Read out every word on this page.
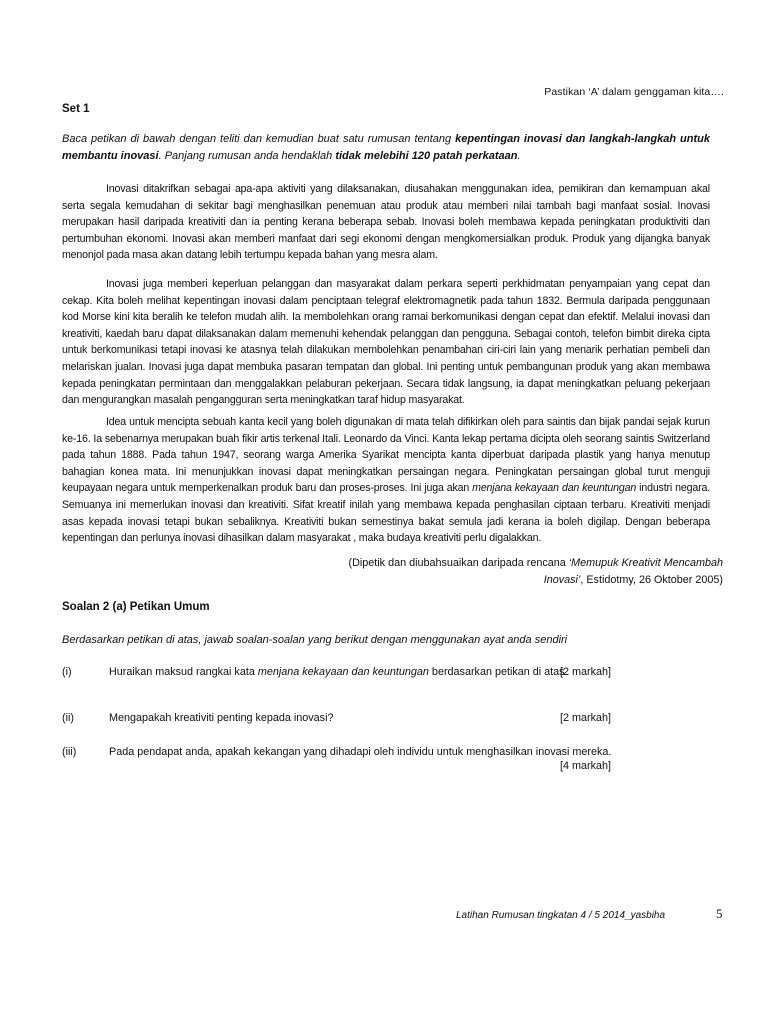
Pastikan ‘A’ dalam genggaman kita….
Set 1
Baca petikan di bawah dengan teliti dan kemudian buat satu rumusan tentang kepentingan inovasi dan langkah-langkah untuk membantu inovasi. Panjang rumusan anda hendaklah tidak melebihi 120 patah perkataan.
Inovasi ditakrifkan sebagai apa-apa aktiviti yang dilaksanakan, diusahakan menggunakan idea, pemikiran dan kemampuan akal serta segala kemudahan di sekitar bagi menghasilkan penemuan atau produk atau memberi nilai tambah bagi manfaat sosial. Inovasi merupakan hasil daripada kreativiti dan ia penting kerana beberapa sebab. Inovasi boleh membawa kepada peningkatan produktiviti dan pertumbuhan ekonomi. Inovasi akan memberi manfaat dari segi ekonomi dengan mengkomersialkan produk. Produk yang dijangka banyak menonjol pada masa akan datang lebih tertumpu kepada bahan yang mesra alam.
Inovasi juga memberi keperluan pelanggan dan masyarakat dalam perkara seperti perkhidmatan penyampaian yang cepat dan cekap. Kita boleh melihat kepentingan inovasi dalam penciptaan telegraf elektromagnetik pada tahun 1832. Bermula daripada penggunaan kod Morse kini kita beralih ke telefon mudah alih. Ia membolehkan orang ramai berkomunikasi dengan cepat dan efektif. Melalui inovasi dan kreativiti, kaedah baru dapat dilaksanakan dalam memenuhi kehendak pelanggan dan pengguna. Sebagai contoh, telefon bimbit direka cipta untuk berkomunikasi tetapi inovasi ke atasnya telah dilakukan membolehkan penambahan ciri-ciri lain yang menarik perhatian pembeli dan melariskan jualan. Inovasi juga dapat membuka pasaran tempatan dan global. Ini penting untuk pembangunan produk yang akan membawa kepada peningkatan permintaan dan menggalakkan pelaburan pekerjaan. Secara tidak langsung, ia dapat meningkatkan peluang pekerjaan dan mengurangkan masalah pengangguran serta meningkatkan taraf hidup masyarakat.
Idea untuk mencipta sebuah kanta kecil yang boleh digunakan di mata telah difikirkan oleh para saintis dan bijak pandai sejak kurun ke-16. Ia sebenarnya merupakan buah fikir artis terkenal Itali. Leonardo da Vinci. Kanta lekap pertama dicipta oleh seorang saintis Switzerland pada tahun 1888. Pada tahun 1947, seorang warga Amerika Syarikat mencipta kanta diperbuat daripada plastik yang hanya menutup bahagian konea mata. Ini menunjukkan inovasi dapat meningkatkan persaingan negara. Peningkatan persaingan global turut menguji keupayaan negara untuk memperkenalkan produk baru dan proses-proses. Ini juga akan menjana kekayaan dan keuntungan industri negara. Semuanya ini memerlukan inovasi dan kreativiti. Sifat kreatif inilah yang membawa kepada penghasilan ciptaan terbaru. Kreativiti menjadi asas kepada inovasi tetapi bukan sebaliknya. Kreativiti bukan semestinya bakat semula jadi kerana ia boleh digilap. Dengan beberapa kepentingan dan perlunya inovasi dihasilkan dalam masyarakat , maka budaya kreativiti perlu digalakkan.
(Dipetik dan diubahsuaikan daripada rencana ‘Memupuk Kreativit Mencambah Inovasi’, Estidotmy, 26 Oktober 2005)
Soalan 2 (a) Petikan Umum
Berdasarkan petikan di atas, jawab soalan-soalan yang berikut dengan menggunakan ayat anda sendiri
(i)	Huraikan maksud rangkai kata menjana kekayaan dan keuntungan berdasarkan petikan di atas.
[2 markah]
(ii)	Mengapakah kreativiti penting kepada inovasi?	[2 markah]
(iii)	Pada pendapat anda, apakah kekangan yang dihadapi oleh individu untuk menghasilkan inovasi mereka.
[4 markah]
Latihan Rumusan tingkatan 4 / 5 2014_yasbiha	5
